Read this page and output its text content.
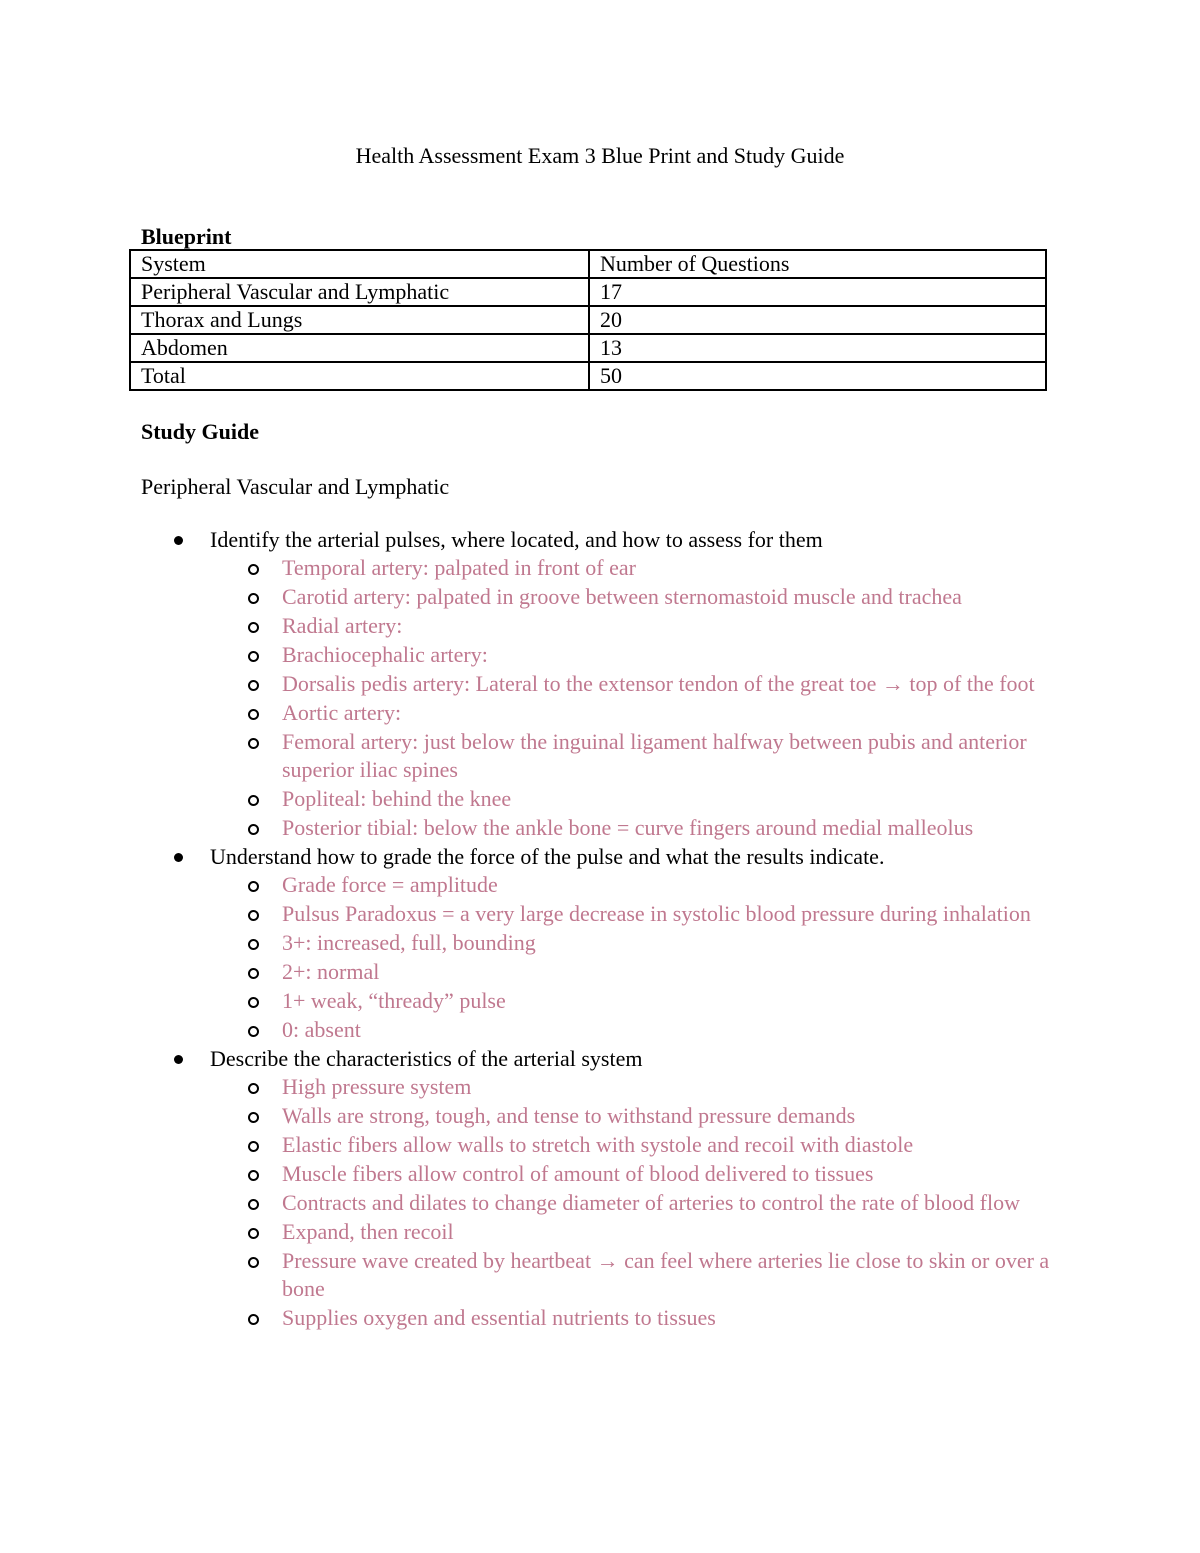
Health Assessment Exam 3 Blue Print and Study Guide
Blueprint
System	Number of Questions
Peripheral Vascular and Lymphatic	17
Thorax and Lungs	20
Abdomen	13
Total	50
Study Guide
Peripheral Vascular and Lymphatic
Identify the arterial pulses, where located, and how to assess for them
Temporal artery: palpated in front of ear
Carotid artery: palpated in groove between sternomastoid muscle and trachea
Radial artery:
Brachiocephalic artery:
Dorsalis pedis artery: Lateral to the extensor tendon of the great toe → top of the foot
Aortic artery:
Femoral artery: just below the inguinal ligament halfway between pubis and anterior superior iliac spines
Popliteal: behind the knee
Posterior tibial: below the ankle bone = curve fingers around medial malleolus
Understand how to grade the force of the pulse and what the results indicate.
Grade force = amplitude
Pulsus Paradoxus = a very large decrease in systolic blood pressure during inhalation
3+: increased, full, bounding
2+: normal
1+ weak, “thready” pulse
0: absent
Describe the characteristics of the arterial system
High pressure system
Walls are strong, tough, and tense to withstand pressure demands
Elastic fibers allow walls to stretch with systole and recoil with diastole
Muscle fibers allow control of amount of blood delivered to tissues
Contracts and dilates to change diameter of arteries to control the rate of blood flow
Expand, then recoil
Pressure wave created by heartbeat → can feel where arteries lie close to skin or over a bone
Supplies oxygen and essential nutrients to tissues
